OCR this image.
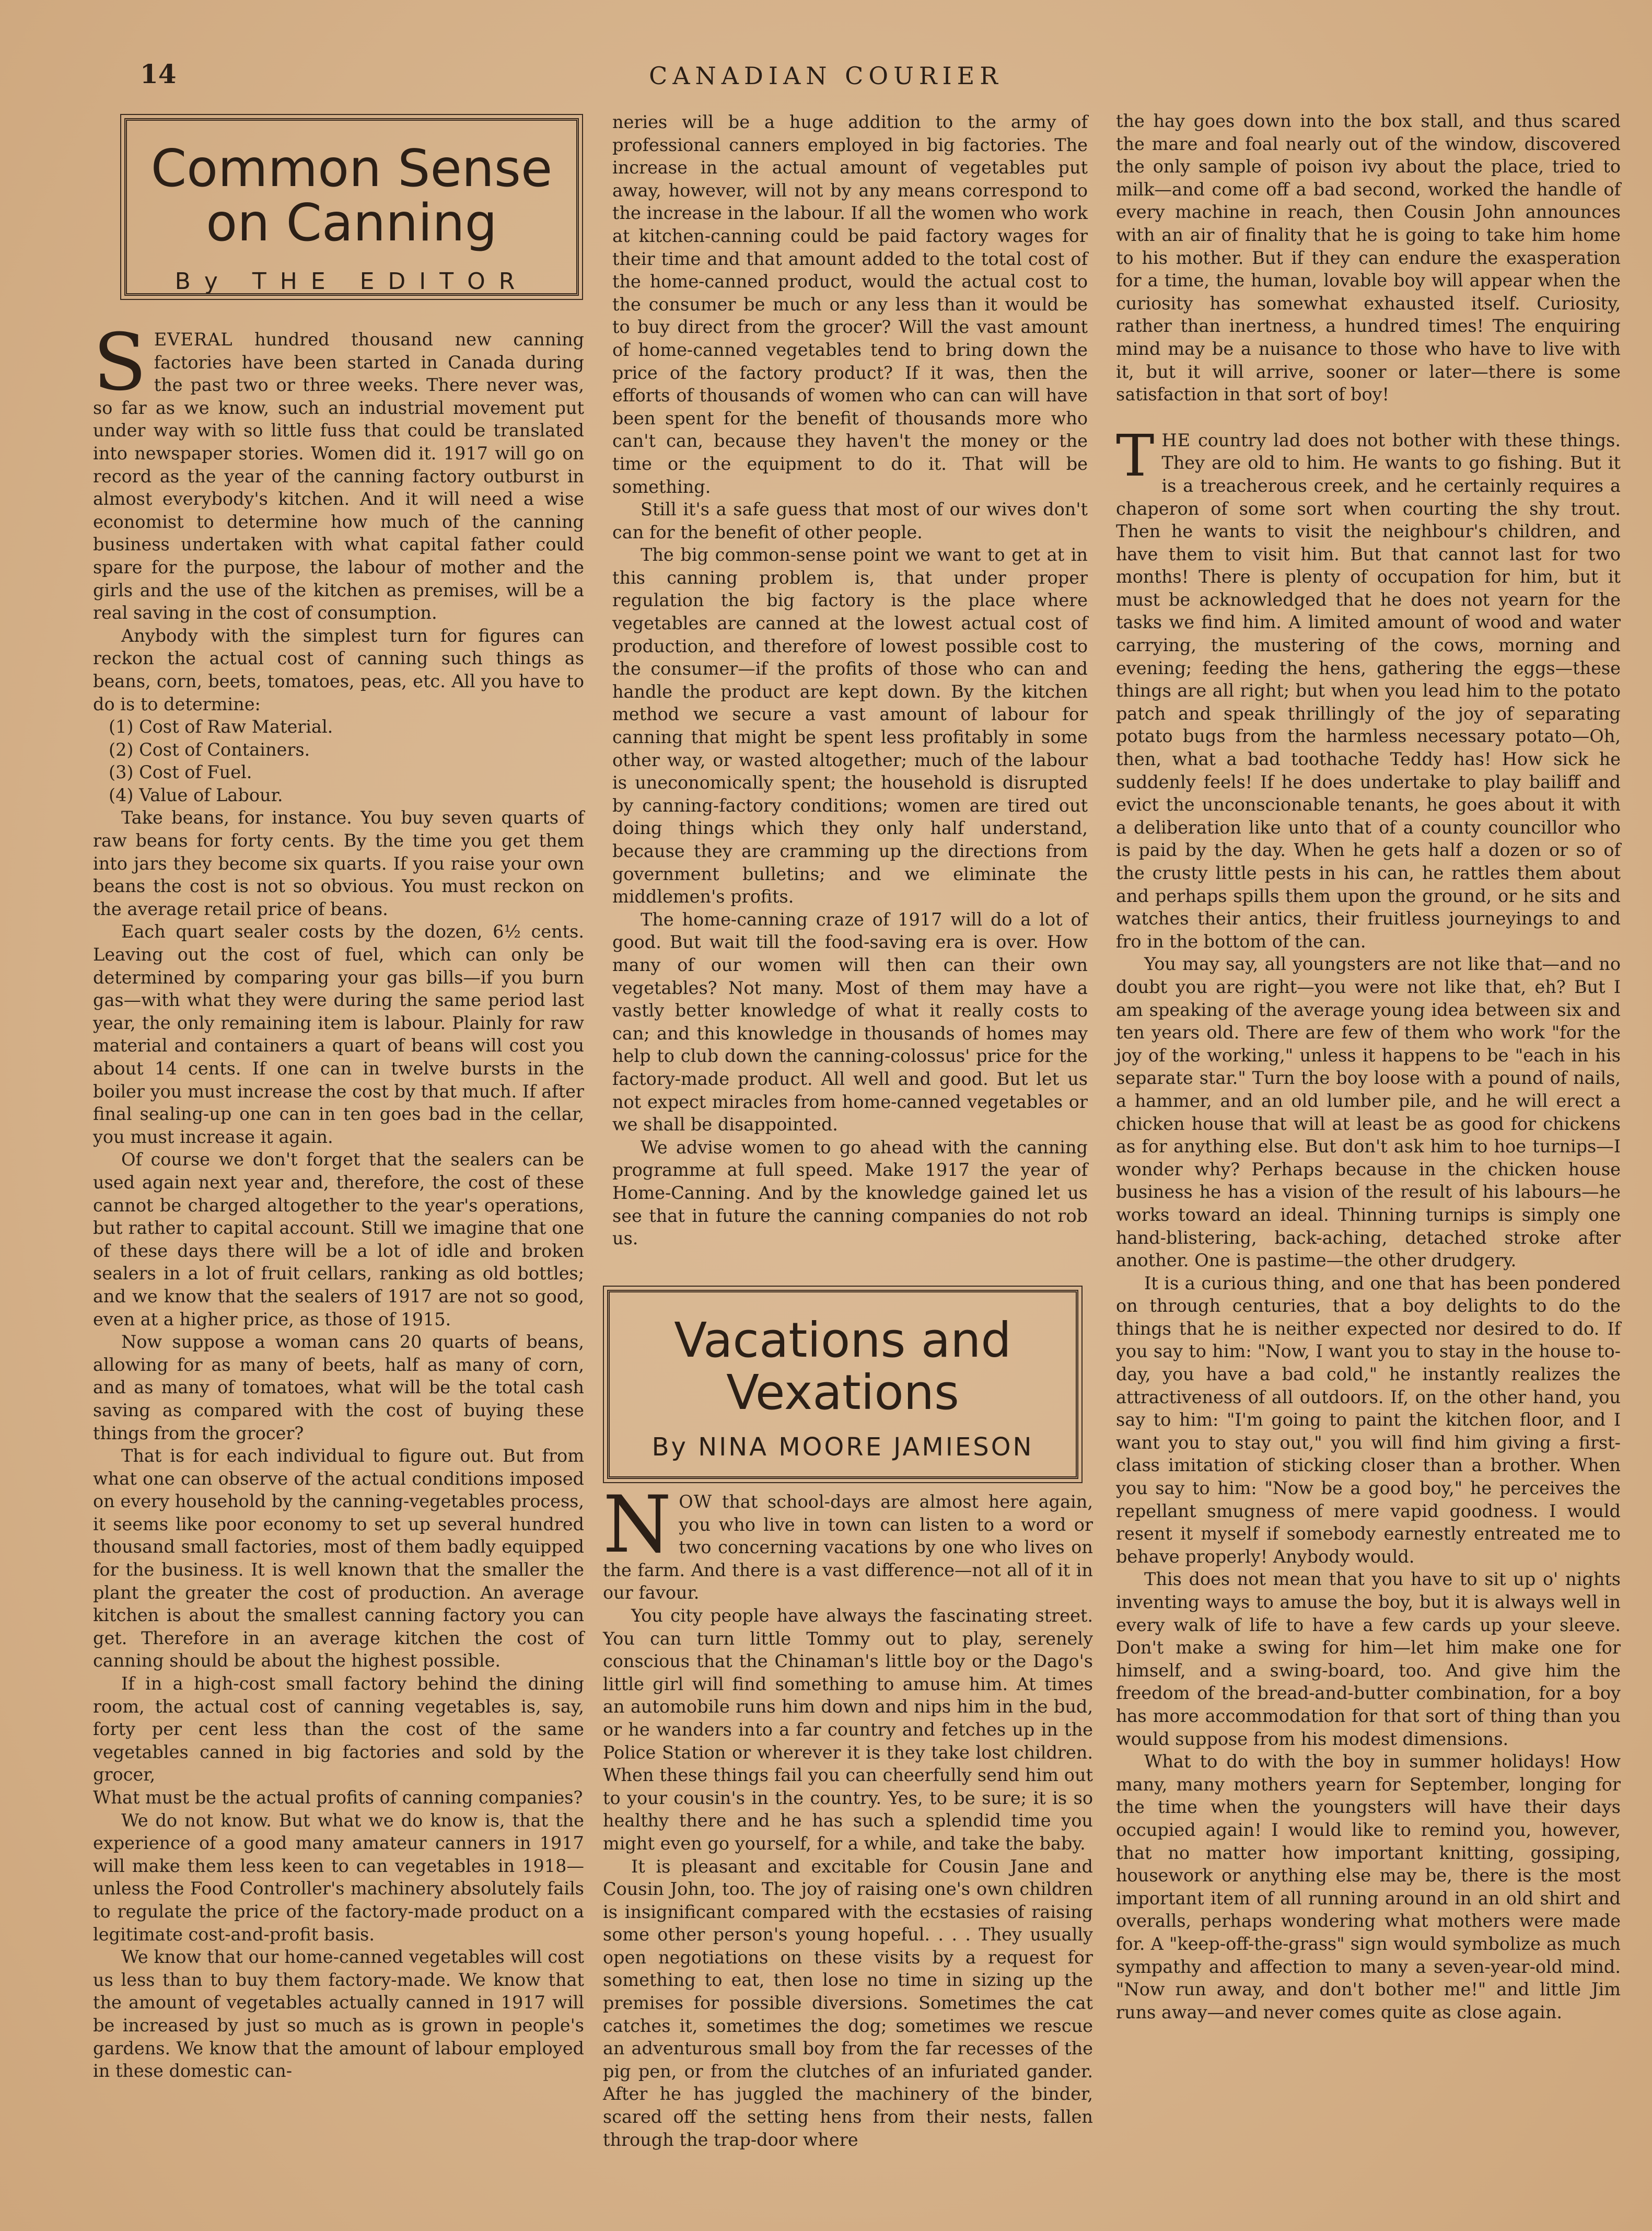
14	CANADIAN COURIER
Common Sense
on Canning
By THE EDITOR

SEVERAL hundred thousand new canning factories have been started in Canada during the past two or three weeks. There never was, so far as we know, such an industrial movement put under way with so little fuss that could be translated into newspaper stories. Women did it. 1917 will go on record as the year of the canning factory outburst in almost everybody's kitchen. And it will need a wise economist to determine how much of the canning business undertaken with what capital father could spare for the purpose, the labour of mother and the girls and the use of the kitchen as premises, will be a real saving in the cost of consumption.

Anybody with the simplest turn for figures can reckon the actual cost of canning such things as beans, corn, beets, tomatoes, peas, etc. All you have to do is to determine:

(1) Cost of Raw Material.

(2) Cost of Containers.

(3) Cost of Fuel.

(4) Value of Labour.

Take beans, for instance. You buy seven quarts of raw beans for forty cents. By the time you get them into jars they become six quarts. If you raise your own beans the cost is not so obvious. You must reckon on the average retail price of beans.

Each quart sealer costs by the dozen, 6½ cents. Leaving out the cost of fuel, which can only be determined by comparing your gas bills—if you burn gas—with what they were during the same period last year, the only remaining item is labour. Plainly for raw material and containers a quart of beans will cost you about 14 cents. If one can in twelve bursts in the boiler you must increase the cost by that much. If after final sealing-up one can in ten goes bad in the cellar, you must increase it again.

Of course we don't forget that the sealers can be used again next year and, therefore, the cost of these cannot be charged altogether to the year's operations, but rather to capital account. Still we imagine that one of these days there will be a lot of idle and broken sealers in a lot of fruit cellars, ranking as old bottles; and we know that the sealers of 1917 are not so good, even at a higher price, as those of 1915.

Now suppose a woman cans 20 quarts of beans, allowing for as many of beets, half as many of corn, and as many of tomatoes, what will be the total cash saving as compared with the cost of buying these things from the grocer?

That is for each individual to figure out. But from what one can observe of the actual conditions imposed on every household by the canning-vegetables process, it seems like poor economy to set up several hundred thousand small factories, most of them badly equipped for the business. It is well known that the smaller the plant the greater the cost of production. An average kitchen is about the smallest canning factory you can get. Therefore in an average kitchen the cost of canning should be about the highest possible.

If in a high-cost small factory behind the dining room, the actual cost of canning vegetables is, say, forty per cent less than the cost of the same vegetables canned in big factories and sold by the grocer,

What must be the actual profits of canning companies?

We do not know. But what we do know is, that the experience of a good many amateur canners in 1917 will make them less keen to can vegetables in 1918—unless the Food Controller's machinery absolutely fails to regulate the price of the factory-made product on a legitimate cost-and-profit basis.

We know that our home-canned vegetables will cost us less than to buy them factory-made. We know that the amount of vegetables actually canned in 1917 will be increased by just so much as is grown in people's gardens. We know that the amount of labour employed in these domestic can-

neries will be a huge addition to the army of professional canners employed in big factories. The increase in the actual amount of vegetables put away, however, will not by any means correspond to the increase in the labour. If all the women who work at kitchen-canning could be paid factory wages for their time and that amount added to the total cost of the home-canned product, would the actual cost to the consumer be much or any less than it would be to buy direct from the grocer? Will the vast amount of home-canned vegetables tend to bring down the price of the factory product? If it was, then the efforts of thousands of women who can can will have been spent for the benefit of thousands more who can't can, because they haven't the money or the time or the equipment to do it. That will be something.

Still it's a safe guess that most of our wives don't can for the benefit of other people.

The big common-sense point we want to get at in this canning problem is, that under proper regulation the big factory is the place where vegetables are canned at the lowest actual cost of production, and therefore of lowest possible cost to the consumer—if the profits of those who can and handle the product are kept down. By the kitchen method we secure a vast amount of labour for canning that might be spent less profitably in some other way, or wasted altogether; much of the labour is uneconomically spent; the household is disrupted by canning-factory conditions; women are tired out doing things which they only half understand, because they are cramming up the directions from government bulletins; and we eliminate the middlemen's profits.

The home-canning craze of 1917 will do a lot of good. But wait till the food-saving era is over. How many of our women will then can their own vegetables? Not many. Most of them may have a vastly better knowledge of what it really costs to can; and this knowledge in thousands of homes may help to club down the canning-colossus' price for the factory-made product. All well and good. But let us not expect miracles from home-canned vegetables or we shall be disappointed.

We advise women to go ahead with the canning programme at full speed. Make 1917 the year of Home-Canning. And by the knowledge gained let us see that in future the canning companies do not rob us.

Vacations and
Vexations
By NINA MOORE JAMIESON

NOW that school-days are almost here again, you who live in town can listen to a word or two concerning vacations by one who lives on the farm. And there is a vast difference—not all of it in our favour.

You city people have always the fascinating street. You can turn little Tommy out to play, serenely conscious that the Chinaman's little boy or the Dago's little girl will find something to amuse him. At times an automobile runs him down and nips him in the bud, or he wanders into a far country and fetches up in the Police Station or wherever it is they take lost children. When these things fail you can cheerfully send him out to your cousin's in the country. Yes, to be sure; it is so healthy there and he has such a splendid time you might even go yourself, for a while, and take the baby.

It is pleasant and excitable for Cousin Jane and Cousin John, too. The joy of raising one's own children is insignificant compared with the ecstasies of raising some other person's young hopeful. . . . They usually open negotiations on these visits by a request for something to eat, then lose no time in sizing up the premises for possible diversions. Sometimes the cat catches it, sometimes the dog; sometimes we rescue an adventurous small boy from the far recesses of the pig pen, or from the clutches of an infuriated gander. After he has juggled the machinery of the binder, scared off the setting hens from their nests, fallen through the trap-door where

the hay goes down into the box stall, and thus scared the mare and foal nearly out of the window, discovered the only sample of poison ivy about the place, tried to milk—and come off a bad second, worked the handle of every machine in reach, then Cousin John announces with an air of finality that he is going to take him home to his mother. But if they can endure the exasperation for a time, the human, lovable boy will appear when the curiosity has somewhat exhausted itself. Curiosity, rather than inertness, a hundred times! The enquiring mind may be a nuisance to those who have to live with it, but it will arrive, sooner or later—there is some satisfaction in that sort of boy!

THE country lad does not bother with these things. They are old to him. He wants to go fishing. But it is a treacherous creek, and he certainly requires a chaperon of some sort when courting the shy trout. Then he wants to visit the neighbour's children, and have them to visit him. But that cannot last for two months! There is plenty of occupation for him, but it must be acknowledged that he does not yearn for the tasks we find him. A limited amount of wood and water carrying, the mustering of the cows, morning and evening; feeding the hens, gathering the eggs—these things are all right; but when you lead him to the potato patch and speak thrillingly of the joy of separating potato bugs from the harmless necessary potato—Oh, then, what a bad toothache Teddy has! How sick he suddenly feels! If he does undertake to play bailiff and evict the unconscionable tenants, he goes about it with a deliberation like unto that of a county councillor who is paid by the day. When he gets half a dozen or so of the crusty little pests in his can, he rattles them about and perhaps spills them upon the ground, or he sits and watches their antics, their fruitless journeyings to and fro in the bottom of the can.

You may say, all youngsters are not like that—and no doubt you are right—you were not like that, eh? But I am speaking of the average young idea between six and ten years old. There are few of them who work "for the joy of the working," unless it happens to be "each in his separate star." Turn the boy loose with a pound of nails, a hammer, and an old lumber pile, and he will erect a chicken house that will at least be as good for chickens as for anything else. But don't ask him to hoe turnips—I wonder why? Perhaps because in the chicken house business he has a vision of the result of his labours—he works toward an ideal. Thinning turnips is simply one hand-blistering, back-aching, detached stroke after another. One is pastime—the other drudgery.

It is a curious thing, and one that has been pondered on through centuries, that a boy delights to do the things that he is neither expected nor desired to do. If you say to him: "Now, I want you to stay in the house to-day, you have a bad cold," he instantly realizes the attractiveness of all outdoors. If, on the other hand, you say to him: "I'm going to paint the kitchen floor, and I want you to stay out," you will find him giving a first-class imitation of sticking closer than a brother. When you say to him: "Now be a good boy," he perceives the repellant smugness of mere vapid goodness. I would resent it myself if somebody earnestly entreated me to behave properly! Anybody would.

This does not mean that you have to sit up o' nights inventing ways to amuse the boy, but it is always well in every walk of life to have a few cards up your sleeve. Don't make a swing for him—let him make one for himself, and a swing-board, too. And give him the freedom of the bread-and-butter combination, for a boy has more accommodation for that sort of thing than you would suppose from his modest dimensions.

What to do with the boy in summer holidays! How many, many mothers yearn for September, longing for the time when the youngsters will have their days occupied again! I would like to remind you, however, that no matter how important knitting, gossiping, housework or anything else may be, there is the most important item of all running around in an old shirt and overalls, perhaps wondering what mothers were made for. A "keep-off-the-grass" sign would symbolize as much sympathy and affection to many a seven-year-old mind. "Now run away, and don't bother me!" and little Jim runs away—and never comes quite as close again.
